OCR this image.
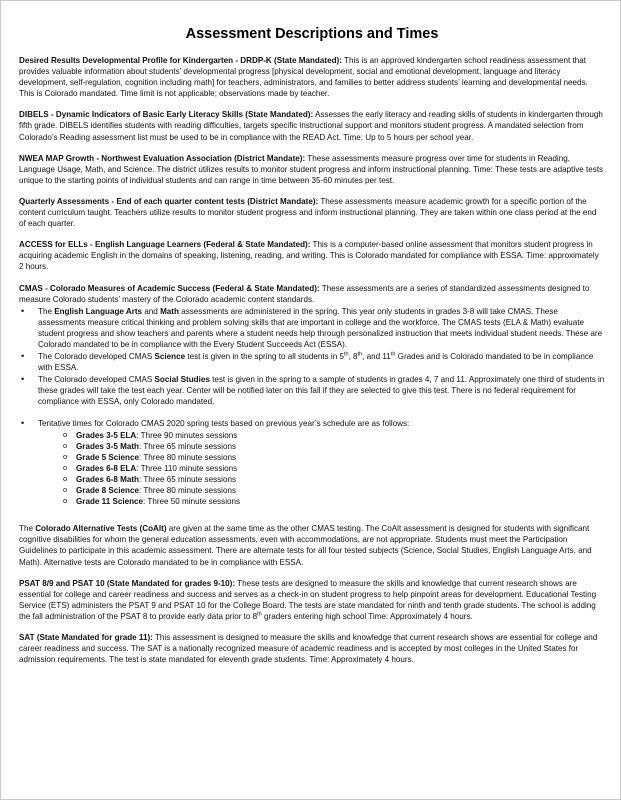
Assessment Descriptions and Times

Desired Results Developmental Profile for Kindergarten - DRDP-K (State Mandated): This is an approved kindergarten school readiness assessment that provides valuable information about students’ developmental progress [physical development, social and emotional development, language and literacy development, self-regulation, cognition including math] for teachers, administrators, and families to better address students’ learning and developmental needs. This is Colorado mandated. Time limit is not applicable; observations made by teacher.

DIBELS - Dynamic Indicators of Basic Early Literacy Skills (State Mandated): Assesses the early literacy and reading skills of students in kindergarten through fifth grade. DIBELS identifies students with reading difficulties, targets specific instructional support and monitors student progress. A mandated selection from Colorado’s Reading assessment list must be used to be in compliance with the READ Act. Time: Up to 5 hours per school year.

NWEA MAP Growth - Northwest Evaluation Association (District Mandate): These assessments measure progress over time for students in Reading, Language Usage, Math, and Science. The district utilizes results to monitor student progress and inform instructional planning. Time: These tests are adaptive tests unique to the starting points of individual students and can range in time between 35-60 minutes per test.

Quarterly Assessments - End of each quarter content tests (District Mandate): These assessments measure academic growth for a specific portion of the content curriculum taught. Teachers utilize results to monitor student progress and inform instructional planning. They are taken within one class period at the end of each quarter.

ACCESS for ELLs - English Language Learners (Federal & State Mandated): This is a computer-based online assessment that monitors student progress in acquiring academic English in the domains of speaking, listening, reading, and writing. This is Colorado mandated for compliance with ESSA. Time: approximately 2 hours.

CMAS - Colorado Measures of Academic Success (Federal & State Mandated): These assessments are a series of standardized assessments designed to measure Colorado students’ mastery of the Colorado academic content standards.

• The English Language Arts and Math assessments are administered in the spring. This year only students in grades 3-8 will take CMAS. These assessments measure critical thinking and problem solving skills that are important in college and the workforce. The CMAS tests (ELA & Math) evaluate student progress and show teachers and parents where a student needs help through personalized instruction that meets individual student needs. These are Colorado mandated to be in compliance with the Every Student Succeeds Act (ESSA).
• The Colorado developed CMAS Science test is given in the spring to all students in 5th, 8th, and 11th Grades and is Colorado mandated to be in compliance with ESSA.
• The Colorado developed CMAS Social Studies test is given in the spring to a sample of students in grades 4, 7 and 11. Approximately one third of students in these grades will take the test each year. Center will be notified later on this fall if they are selected to give this test. There is no federal requirement for compliance with ESSA, only Colorado mandated.
• Tentative times for Colorado CMAS 2020 spring tests based on previous year’s schedule are as follows:
o Grades 3-5 ELA: Three 90 minutes sessions
o Grades 3-5 Math: Three 65 minute sessions
o Grade 5 Science: Three 80 minute sessions
o Grades 6-8 ELA: Three 110 minute sessions
o Grades 6-8 Math: Three 65 minute sessions
o Grade 8 Science: Three 80 minute sessions
o Grade 11 Science: Three 50 minute sessions

The Colorado Alternative Tests (CoAlt) are given at the same time as the other CMAS testing. The CoAlt assessment is designed for students with significant cognitive disabilities for whom the general education assessments, even with accommodations, are not appropriate. Students must meet the Participation Guidelines to participate in this academic assessment. There are alternate tests for all four tested subjects (Science, Social Studies, English Language Arts, and Math). Alternative tests are Colorado mandated to be in compliance with ESSA.

PSAT 8/9 and PSAT 10 (State Mandated for grades 9-10): These tests are designed to measure the skills and knowledge that current research shows are essential for college and career readiness and success and serves as a check-in on student progress to help pinpoint areas for development. Educational Testing Service (ETS) administers the PSAT 9 and PSAT 10 for the College Board. The tests are state mandated for ninth and tenth grade students. The school is adding the fall administration of the PSAT 8 to provide early data prior to 8th graders entering high school Time: Approximately 4 hours.

SAT (State Mandated for grade 11): This assessment is designed to measure the skills and knowledge that current research shows are essential for college and career readiness and success. The SAT is a nationally recognized measure of academic readiness and is accepted by most colleges in the United States for admission requirements. The test is state mandated for eleventh grade students. Time: Approximately 4 hours.
